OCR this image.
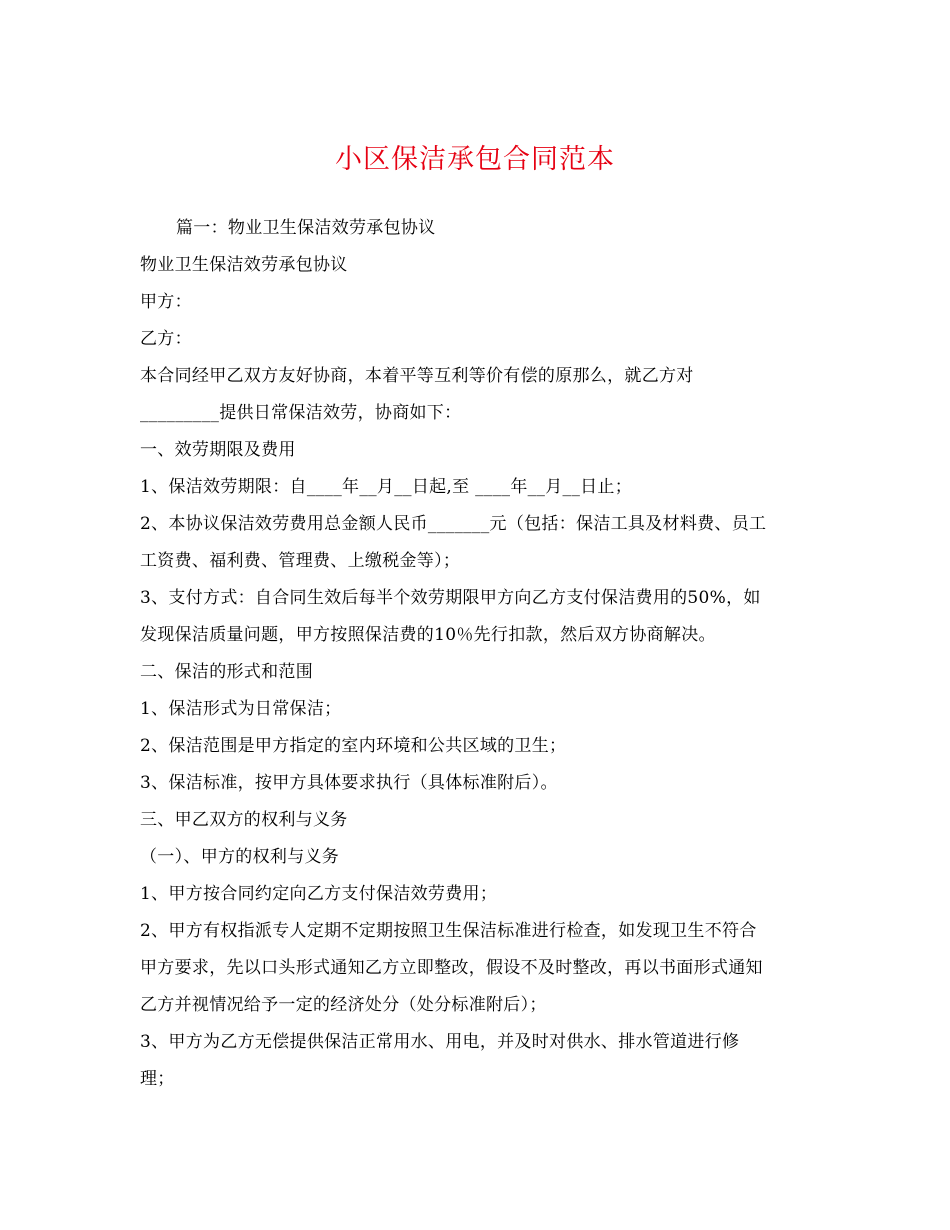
小区保洁承包合同范本
篇一：物业卫生保洁效劳承包协议
物业卫生保洁效劳承包协议
甲方：
乙方：
本合同经甲乙双方友好协商，本着平等互利等价有偿的原那么，就乙方对
_________提供日常保洁效劳，协商如下：
一、效劳期限及费用
1、保洁效劳期限：自____年__月__日起,至 ____年__月__日止；
2、本协议保洁效劳费用总金额人民币_______元（包括：保洁工具及材料费、员工
工资费、福利费、管理费、上缴税金等）；
3、支付方式：自合同生效后每半个效劳期限甲方向乙方支付保洁费用的50%，如
发现保洁质量问题，甲方按照保洁费的10％先行扣款，然后双方协商解决。
二、保洁的形式和范围
1、保洁形式为日常保洁；
2、保洁范围是甲方指定的室内环境和公共区域的卫生；
3、保洁标准，按甲方具体要求执行（具体标准附后）。
三、甲乙双方的权利与义务
（一）、甲方的权利与义务
1、甲方按合同约定向乙方支付保洁效劳费用；
2、甲方有权指派专人定期不定期按照卫生保洁标准进行检查，如发现卫生不符合
甲方要求，先以口头形式通知乙方立即整改，假设不及时整改，再以书面形式通知
乙方并视情况给予一定的经济处分（处分标准附后）；
3、甲方为乙方无偿提供保洁正常用水、用电，并及时对供水、排水管道进行修
理；
